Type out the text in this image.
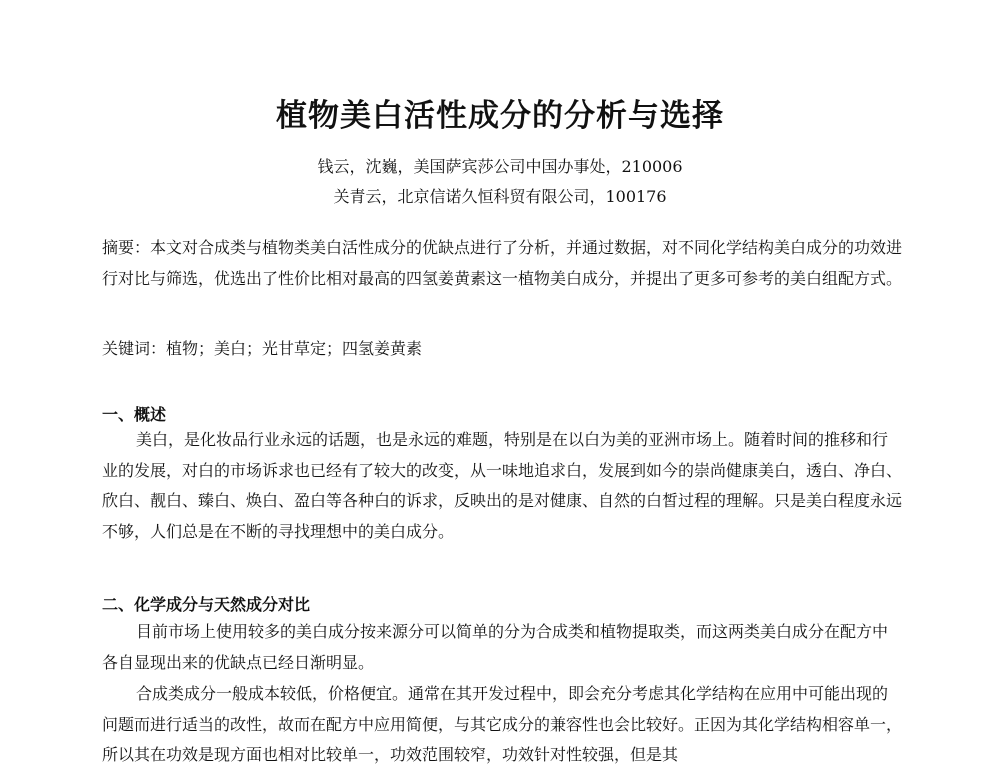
植物美白活性成分的分析与选择

钱云，沈巍，美国萨宾莎公司中国办事处，210006

关青云，北京信诺久恒科贸有限公司，100176

摘要：本文对合成类与植物类美白活性成分的优缺点进行了分析，并通过数据，对不同化学结构美白成分的功效进行对比与筛选，优选出了性价比相对最高的四氢姜黄素这一植物美白成分，并提出了更多可参考的美白组配方式。

关键词：植物；美白；光甘草定；四氢姜黄素

一、概述

美白，是化妆品行业永远的话题，也是永远的难题，特别是在以白为美的亚洲市场上。随着时间的推移和行业的发展，对白的市场诉求也已经有了较大的改变，从一味地追求白，发展到如今的崇尚健康美白，透白、净白、欣白、靓白、臻白、焕白、盈白等各种白的诉求，反映出的是对健康、自然的白皙过程的理解。只是美白程度永远不够，人们总是在不断的寻找理想中的美白成分。

二、化学成分与天然成分对比

目前市场上使用较多的美白成分按来源分可以简单的分为合成类和植物提取类，而这两类美白成分在配方中各自显现出来的优缺点已经日渐明显。

合成类成分一般成本较低，价格便宜。通常在其开发过程中，即会充分考虑其化学结构在应用中可能出现的问题而进行适当的改性，故而在配方中应用简便，与其它成分的兼容性也会比较好。正因为其化学结构相容单一，所以其在功效是现方面也相对比较单一，功效范围较窄，功效针对性较强，但是其
